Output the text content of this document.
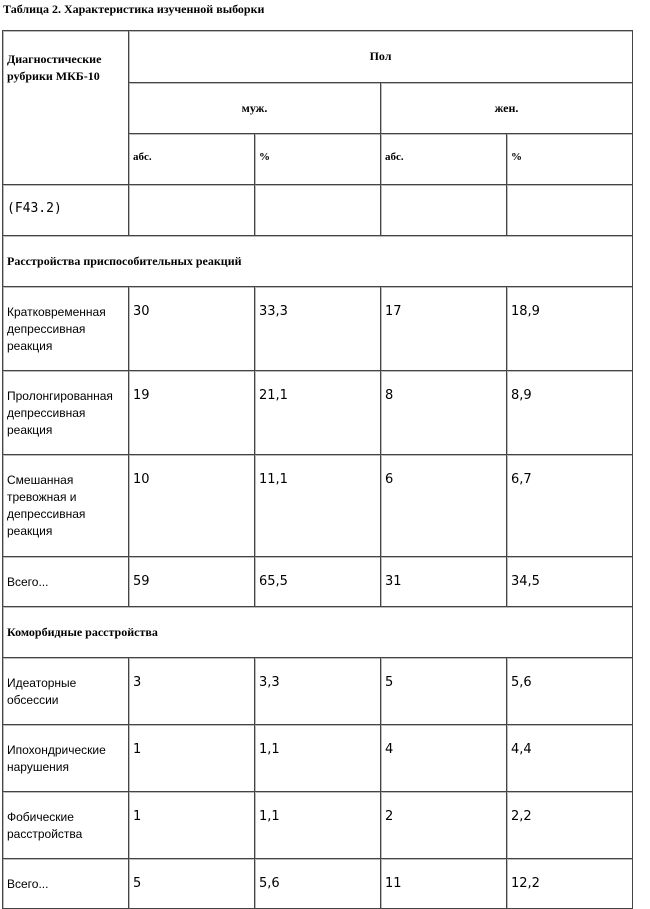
Таблица 2. Характеристика изученной выборки
Диагностические рубрики МКБ-10	Пол			
	муж.		жен.	
	абс.	%	абс.	%
(F43.2)				
Расстройства приспособительных реакций				
Кратковременная депрессивная реакция	30	33,3	17	18,9
Пролонгированная депрессивная реакция	19	21,1	8	8,9
Смешанная тревожная и депрессивная реакция	10	11,1	6	6,7
Всего...	59	65,5	31	34,5
Коморбидные расстройства				
Идеаторные обсессии	3	3,3	5	5,6
Ипохондрические нарушения	1	1,1	4	4,4
Фобические расстройства	1	1,1	2	2,2
Всего...	5	5,6	11	12,2
